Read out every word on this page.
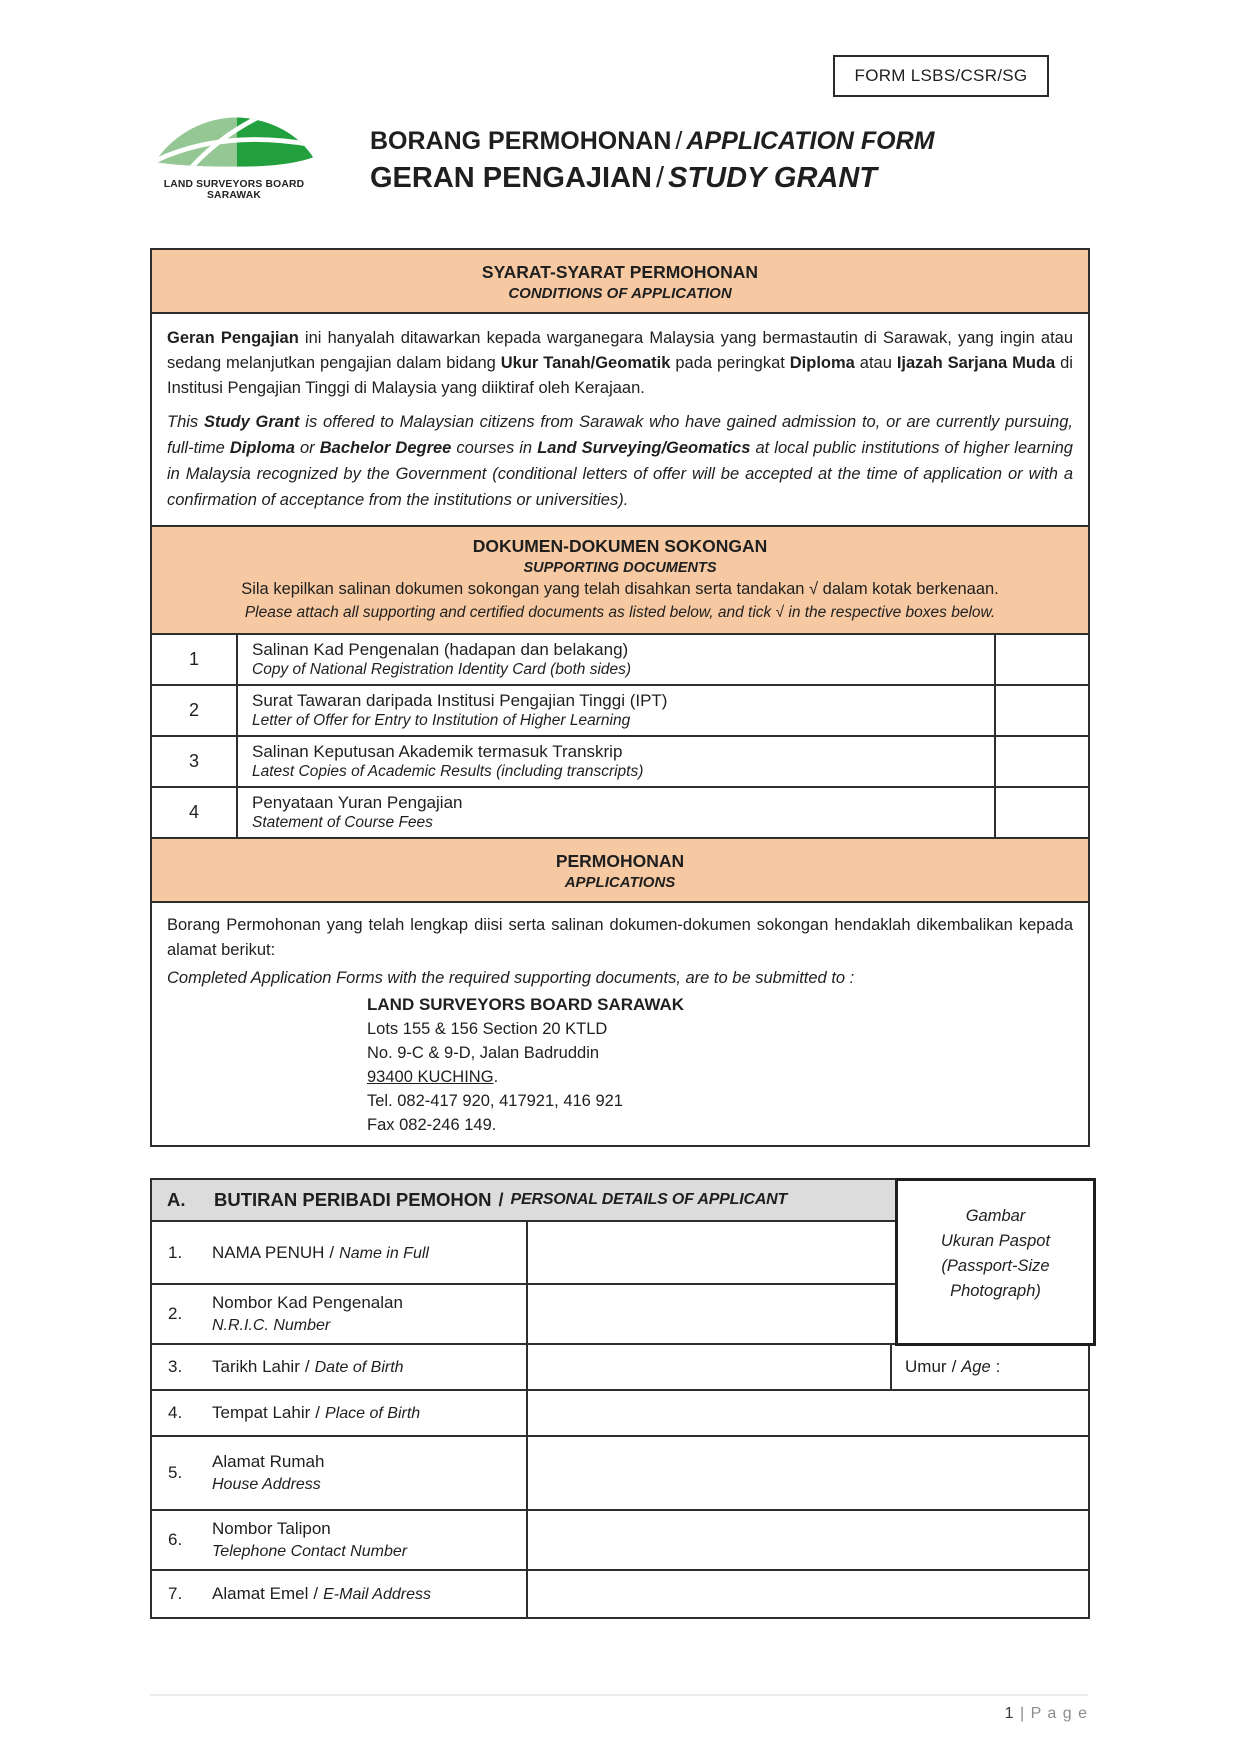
FORM LSBS/CSR/SG
LAND SURVEYORS BOARD SARAWAK
BORANG PERMOHONAN / APPLICATION FORM
GERAN PENGAJIAN / STUDY GRANT
SYARAT-SYARAT PERMOHONAN
CONDITIONS OF APPLICATION

Geran Pengajian ini hanyalah ditawarkan kepada warganegara Malaysia yang bermastautin di Sarawak, yang ingin atau sedang melanjutkan pengajian dalam bidang Ukur Tanah/Geomatik pada peringkat Diploma atau Ijazah Sarjana Muda di Institusi Pengajian Tinggi di Malaysia yang diiktiraf oleh Kerajaan.

This Study Grant is offered to Malaysian citizens from Sarawak who have gained admission to, or are currently pursuing, full-time Diploma or Bachelor Degree courses in Land Surveying/Geomatics at local public institutions of higher learning in Malaysia recognized by the Government (conditional letters of offer will be accepted at the time of application or with a confirmation of acceptance from the institutions or universities).

DOKUMEN-DOKUMEN SOKONGAN
SUPPORTING DOCUMENTS
Sila kepilkan salinan dokumen sokongan yang telah disahkan serta tandakan √ dalam kotak berkenaan.
Please attach all supporting and certified documents as listed below, and tick √ in the respective boxes below.
1	Salinan Kad Pengenalan (hadapan dan belakang)
Copy of National Registration Identity Card (both sides)
2	Surat Tawaran daripada Institusi Pengajian Tinggi (IPT)
Letter of Offer for Entry to Institution of Higher Learning
3	Salinan Keputusan Akademik termasuk Transkrip
Latest Copies of Academic Results (including transcripts)
4	Penyataan Yuran Pengajian
Statement of Course Fees
PERMOHONAN
APPLICATIONS

Borang Permohonan yang telah lengkap diisi serta salinan dokumen-dokumen sokongan hendaklah dikembalikan kepada alamat berikut:

Completed Application Forms with the required supporting documents, are to be submitted to :

LAND SURVEYORS BOARD SARAWAK
Lots 155 & 156 Section 20 KTLD
No. 9-C & 9-D, Jalan Badruddin
93400 KUCHING.
Tel. 082-417 920, 417921, 416 921
Fax 082-246 149.
A.	BUTIRAN PERIBADI PEMOHON / PERSONAL DETAILS OF APPLICANT
1.	NAMA PENUH / Name in Full
2.
Nombor Kad Pengenalan
N.R.I.C. Number
3.	Tarikh Lahir / Date of Birth	Umur / Age :
4.	Tempat Lahir / Place of Birth
5.
Alamat Rumah
House Address
6.
Nombor Talipon
Telephone Contact Number
7.	Alamat Emel / E-Mail Address
Gambar
Ukuran Paspot
(Passport-Size
Photograph)
1 | P a g e
